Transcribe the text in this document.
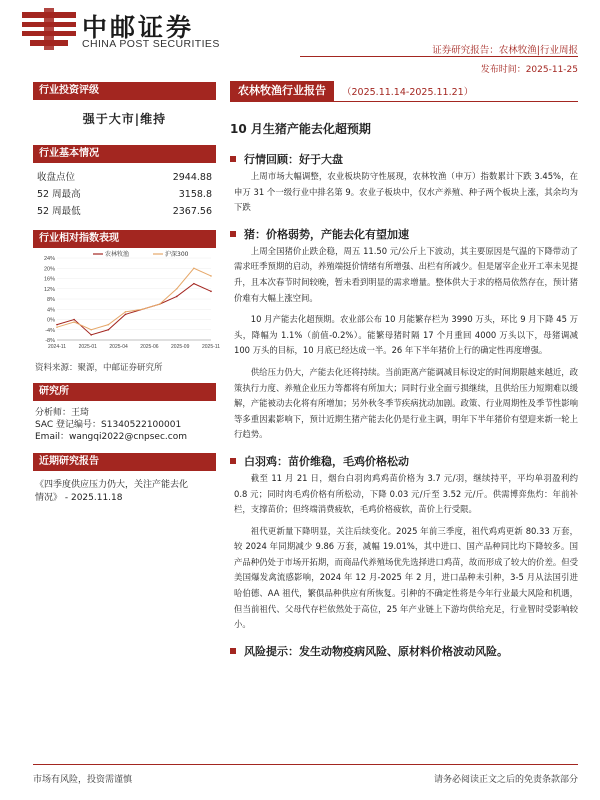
中邮证券
CHINA POST SECURITIES
证券研究报告：农林牧渔|行业周报
发布时间：2025-11-25
行业投资评级
强于大市|维持
行业基本情况
收盘点位	2944.88
52 周最高	3158.8
52 周最低	2367.56
行业相对指数表现
24%
20%
16%
12%
8%
4%
0%
-4%
-8%
2024-11	2025-01 2025-04 2025-06 2025-09	2025-11
农林牧渔	沪深300
资料来源：聚源，中邮证券研究所
研究所
分析师：王琦
SAC 登记编号：S1340522100001
Email：wangqi2022@cnpsec.com
近期研究报告
《四季度供应压力仍大，关注产能去化
情况》 - 2025.11.18
农林牧渔行业报告	（2025.11.14-2025.11.21）
10 月生猪产能去化超预期
行情回顾：好于大盘
上周市场大幅调整，农业板块防守性展现，农林牧渔（申万）指数累计下跌 3.45%，在申万 31 个一级行业中排名第 9。农业子板块中，仅水产养殖、种子两个板块上涨，其余均为下跌
猪：价格弱势，产能去化有望加速
上周全国猪价止跌企稳，周五 11.50 元/公斤上下波动，其主要原因是气温的下降带动了需求旺季预期的启动，养殖端挺价情绪有所增强、出栏有所减少。但是屠宰企业开工率未见提升，且本次春节时间较晚，暂未看到明显的需求增量。整体供大于求的格局依然存在，预计猪价难有大幅上涨空间。
10 月产能去化超预期。农业部公布 10 月能繁存栏为 3990 万头，环比 9 月下降 45 万头，降幅为 1.1%（前值-0.2%）。能繁母猪时隔 17 个月重回 4000 万头以下，母猪调减 100 万头的目标，10 月底已经达成一半。26 年下半年猪价上行的确定性再度增强。
供给压力仍大，产能去化还将持续。当前距离产能调减目标设定的时间期限越来越近，政策执行力度、养殖企业压力等都将有所加大；同时行业全面亏损继续，且供给压力短期难以缓解，产能被动去化将有所增加；另外秋冬季节疾病扰动加剧。政策、行业周期性及季节性影响等多重因素影响下，预计近期生猪产能去化仍是行业主调，明年下半年猪价有望迎来新一轮上行趋势。
白羽鸡：苗价维稳，毛鸡价格松动
截至 11 月 21 日，烟台白羽肉鸡鸡苗价格为 3.7 元/羽，继续持平，平均单羽盈利约 0.8 元；同时肉毛鸡价格有所松动，下降 0.03 元/斤至 3.52 元/斤。供需博弈焦灼：年前补栏，支撑苗价；但终端消费疲软，毛鸡价格疲软，苗价上行受限。
祖代更新量下降明显，关注后续变化。2025 年前三季度，祖代鸡鸡更新 80.33 万套，较 2024 年同期减少 9.86 万套，减幅 19.01%，其中进口、国产品种同比均下降较多。国产品种仍处于市场开拓期，而商品代养殖场优先选择进口鸡苗，故而形成了较大的价差。但受美国爆发禽流感影响，2024 年 12 月-2025 年 2 月，进口品种未引种，3-5 月从法国引进哈伯德、AA 祖代，繁俱品种供应有所恢复。引种的不确定性将是今年行业最大风险和机遇，但当前祖代、父母代存栏依然处于高位，25 年产业链上下游均供给充足，行业智时受影响较小。
风险提示：发生动物疫病风险、原材料价格波动风险。
市场有风险，投资需谨慎	请务必阅读正文之后的免责条款部分
